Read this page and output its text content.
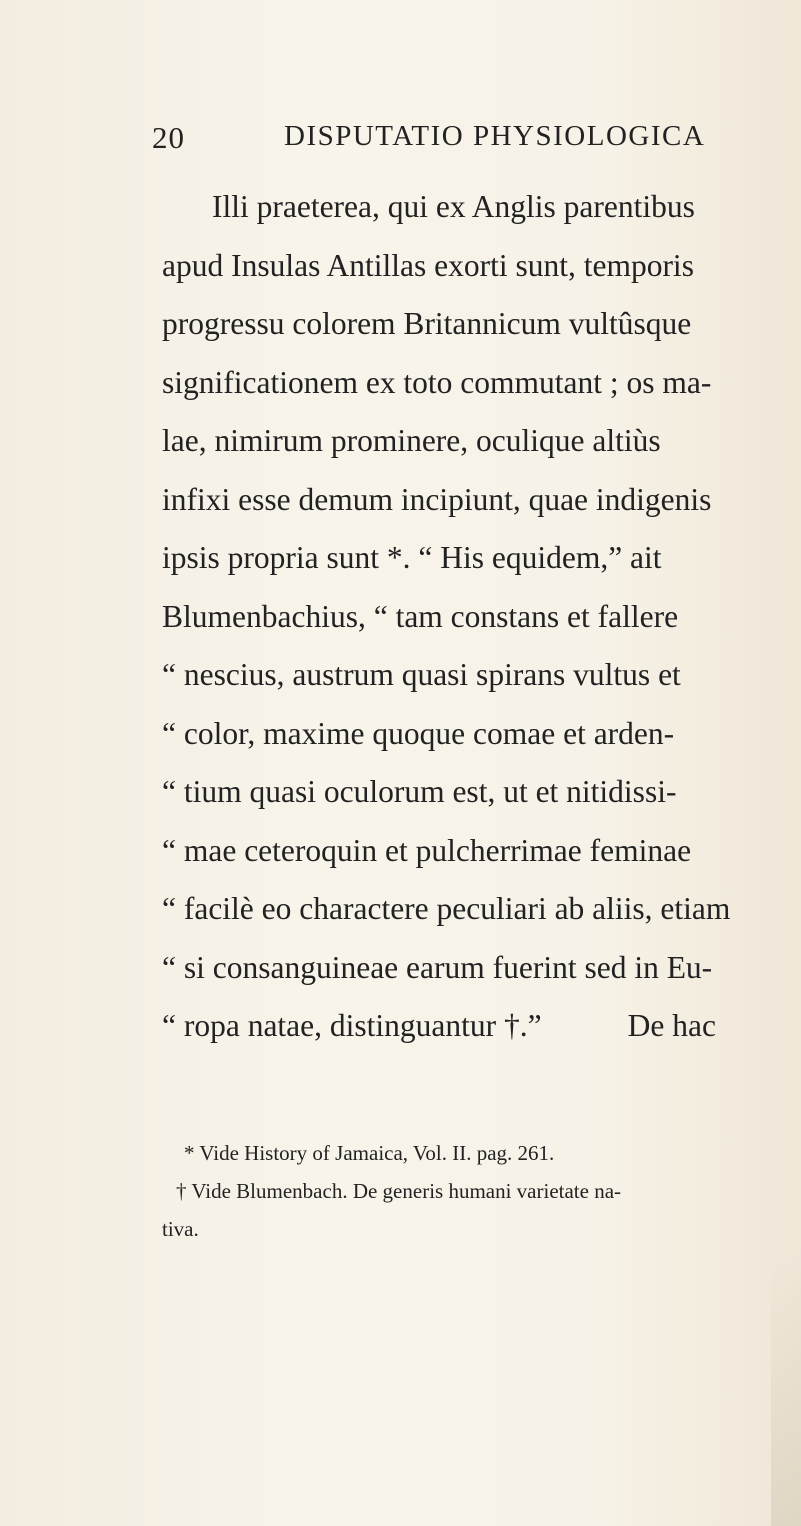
20	DISPUTATIO PHYSIOLOGICA
Illi praeterea, qui ex Anglis parentibus
apud Insulas Antillas exorti sunt, temporis
progressu colorem Britannicum vultûsque
significationem ex toto commutant ; os ma-
lae, nimirum prominere, oculique altiùs
infixi esse demum incipiunt, quae indigenis
ipsis propria sunt *. “ His equidem,” ait
Blumenbachius, “ tam constans et fallere
“ nescius, austrum quasi spirans vultus et
“ color, maxime quoque comae et arden-
“ tium quasi oculorum est, ut et nitidissi-
“ mae ceteroquin et pulcherrimae feminae
“ facilè eo charactere peculiari ab aliis, etiam
“ si consanguineae earum fuerint sed in Eu-
“ ropa natae, distinguantur †.”	De hac
* Vide History of Jamaica, Vol. II. pag. 261.
† Vide Blumenbach. De generis humani varietate na-
tiva.
